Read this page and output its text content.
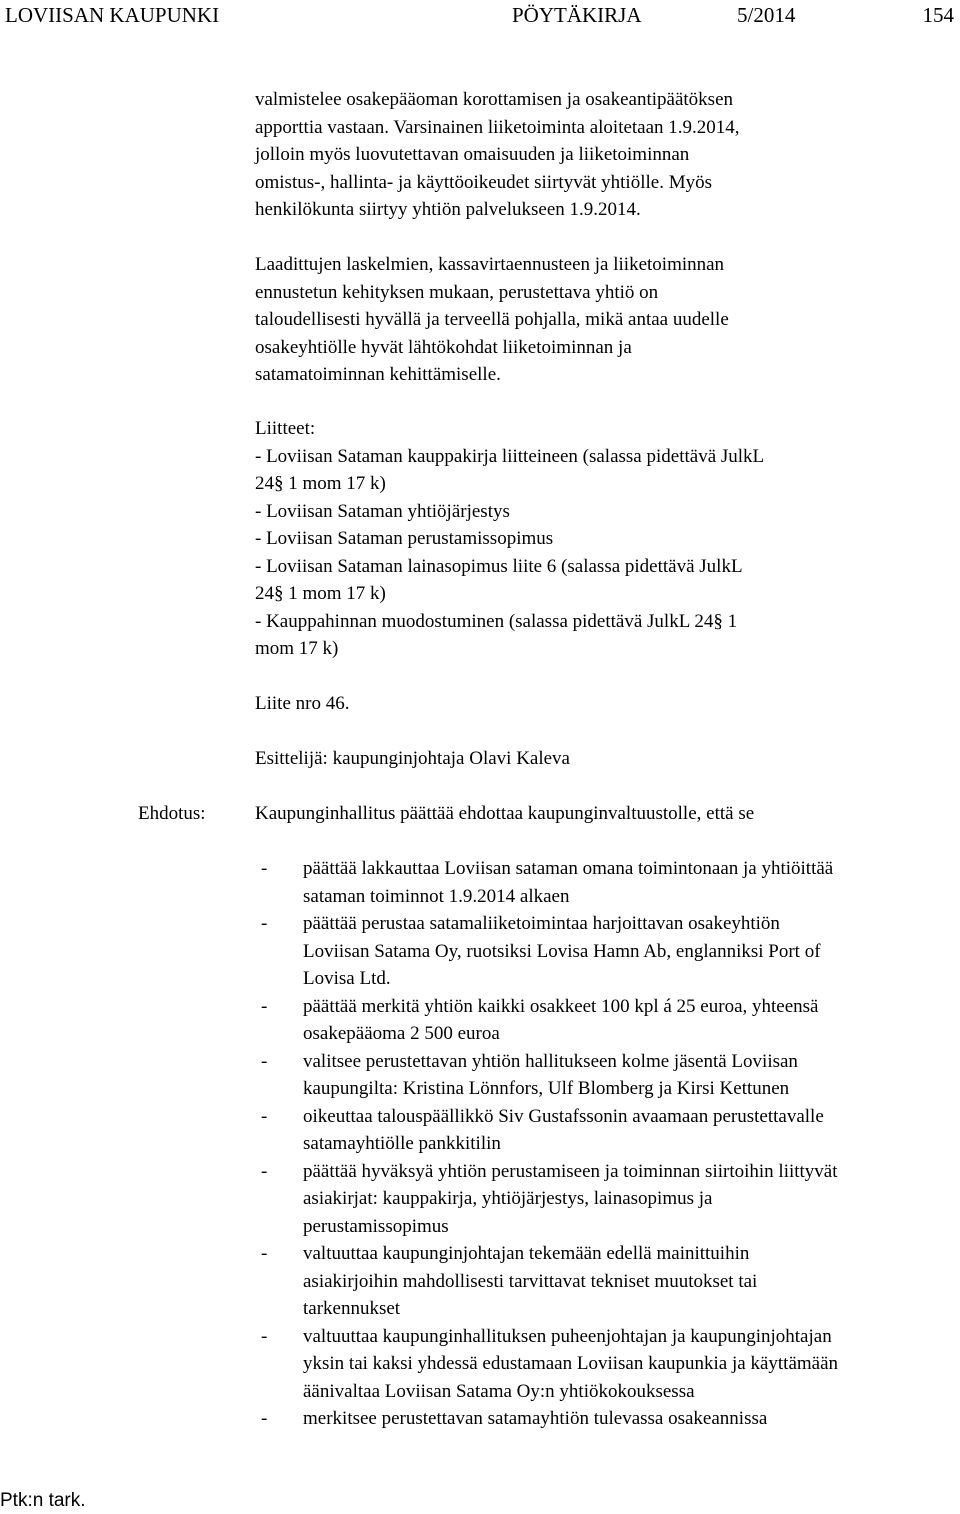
LOVIISAN KAUPUNKI	PÖYTÄKIRJA	5/2014	154
valmistelee osakepääoman korottamisen ja osakeantipäätöksen
apporttia vastaan. Varsinainen liiketoiminta aloitetaan 1.9.2014,
jolloin myös luovutettavan omaisuuden ja liiketoiminnan
omistus-, hallinta- ja käyttöoikeudet siirtyvät yhtiölle. Myös
henkilökunta siirtyy yhtiön palvelukseen 1.9.2014.
Laadittujen laskelmien, kassavirtaennusteen ja liiketoiminnan
ennustetun kehityksen mukaan, perustettava yhtiö on
taloudellisesti hyvällä ja terveellä pohjalla, mikä antaa uudelle
osakeyhtiölle hyvät lähtökohdat liiketoiminnan ja
satamatoiminnan kehittämiselle.
Liitteet:
- Loviisan Sataman kauppakirja liitteineen (salassa pidettävä JulkL
24§ 1 mom 17 k)
- Loviisan Sataman yhtiöjärjestys
- Loviisan Sataman perustamissopimus
- Loviisan Sataman lainasopimus liite 6 (salassa pidettävä JulkL
24§ 1 mom 17 k)
- Kauppahinnan muodostuminen (salassa pidettävä JulkL 24§ 1
mom 17 k)
Liite nro 46.
Esittelijä: kaupunginjohtaja Olavi Kaleva
Ehdotus:	Kaupunginhallitus päättää ehdottaa kaupunginvaltuustolle, että se
- päättää lakkauttaa Loviisan sataman omana toimintonaan ja yhtiöittää
sataman toiminnot 1.9.2014 alkaen
- päättää perustaa satamaliiketoimintaa harjoittavan osakeyhtiön
Loviisan Satama Oy, ruotsiksi Lovisa Hamn Ab, englanniksi Port of
Lovisa Ltd.
- päättää merkitä yhtiön kaikki osakkeet 100 kpl á 25 euroa, yhteensä
osakepääoma 2 500 euroa
- valitsee perustettavan yhtiön hallitukseen kolme jäsentä Loviisan
kaupungilta: Kristina Lönnfors, Ulf Blomberg ja Kirsi Kettunen
- oikeuttaa talouspäällikkö Siv Gustafssonin avaamaan perustettavalle
satamayhtiölle pankkitilin
- päättää hyväksyä yhtiön perustamiseen ja toiminnan siirtoihin liittyvät
asiakirjat: kauppakirja, yhtiöjärjestys, lainasopimus ja
perustamissopimus
- valtuuttaa kaupunginjohtajan tekemään edellä mainittuihin
asiakirjoihin mahdollisesti tarvittavat tekniset muutokset tai
tarkennukset
- valtuuttaa kaupunginhallituksen puheenjohtajan ja kaupunginjohtajan
yksin tai kaksi yhdessä edustamaan Loviisan kaupunkia ja käyttämään
äänivaltaa Loviisan Satama Oy:n yhtiökokouksessa
- merkitsee perustettavan satamayhtiön tulevassa osakeannissa
Ptk:n tark.
